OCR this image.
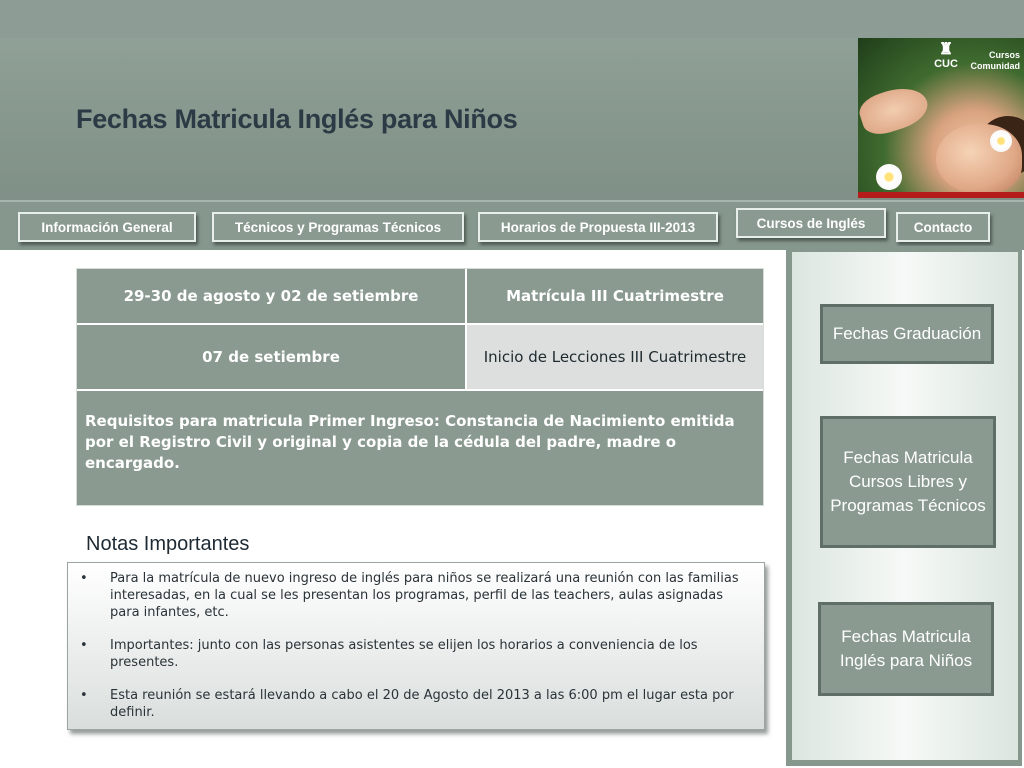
Fechas Matricula Inglés para Niños
♜
CUC
Cursos
Comunidad
Información General	Técnicos y Programas Técnicos	Horarios de Propuesta III-2013	Cursos de Inglés	Contacto
29-30 de agosto y 02 de setiembre	Matrícula III Cuatrimestre
07 de setiembre	Inicio de Lecciones III Cuatrimestre
Requisitos para matricula Primer Ingreso: Constancia de Nacimiento emitida por el Registro Civil y original y copia de la cédula del padre, madre o encargado.
Notas Importantes
•	Para la matrícula de nuevo ingreso de inglés para niños se realizará una reunión con las familias interesadas, en la cual se les presentan los programas, perfil de las teachers, aulas asignadas para infantes, etc.
•	Importantes: junto con las personas asistentes se elijen los horarios a conveniencia de los presentes.
•	Esta reunión se estará llevando a cabo el 20 de Agosto del 2013 a las 6:00 pm el lugar esta por definir.
Fechas Graduación
Fechas Matricula Cursos Libres y Programas Técnicos
Fechas Matricula Inglés para Niños
